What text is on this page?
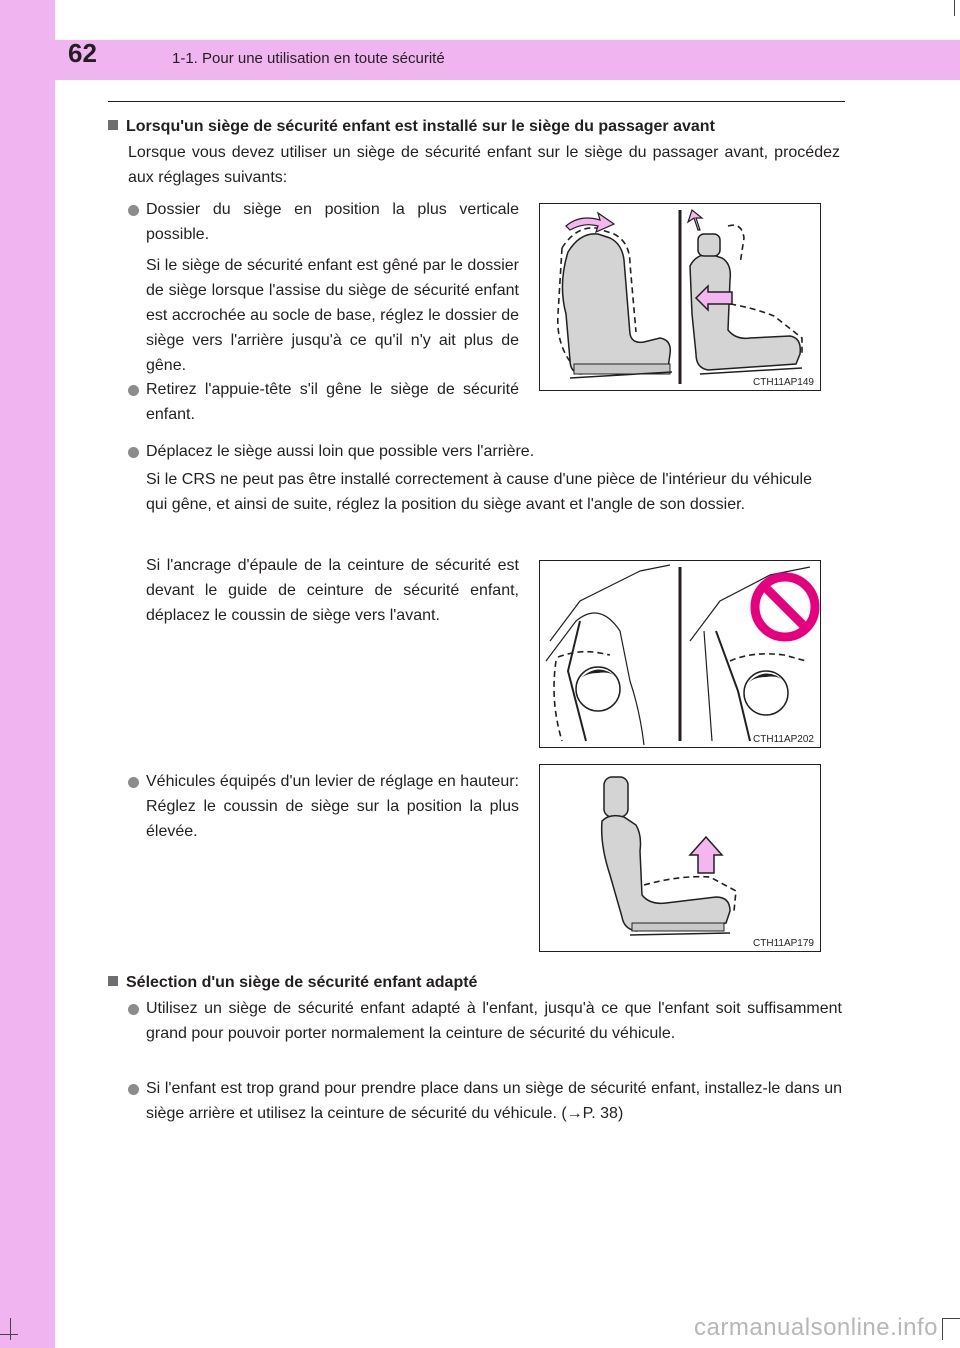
62	1-1. Pour une utilisation en toute sécurité
Lorsqu'un siège de sécurité enfant est installé sur le siège du passager avant
Lorsque vous devez utiliser un siège de sécurité enfant sur le siège du passager avant, procédez aux réglages suivants:
Dossier du siège en position la plus verticale possible.
Si le siège de sécurité enfant est gêné par le dossier de siège lorsque l'assise du siège de sécurité enfant est accrochée au socle de base, réglez le dossier de siège vers l'arrière jusqu'à ce qu'il n'y ait plus de gêne.
Retirez l'appuie-tête s'il gêne le siège de sécurité enfant.
CTH11AP149
Déplacez le siège aussi loin que possible vers l'arrière.
Si le CRS ne peut pas être installé correctement à cause d'une pièce de l'intérieur du véhicule qui gêne, et ainsi de suite, réglez la position du siège avant et l'angle de son dossier.
Si l'ancrage d'épaule de la ceinture de sécurité est devant le guide de ceinture de sécurité enfant, déplacez le coussin de siège vers l'avant.
CTH11AP202
Véhicules équipés d'un levier de réglage en hauteur: Réglez le coussin de siège sur la position la plus élevée.
CTH11AP179
Sélection d'un siège de sécurité enfant adapté
Utilisez un siège de sécurité enfant adapté à l'enfant, jusqu'à ce que l'enfant soit suffisamment grand pour pouvoir porter normalement la ceinture de sécurité du véhicule.
Si l'enfant est trop grand pour prendre place dans un siège de sécurité enfant, installez-le dans un siège arrière et utilisez la ceinture de sécurité du véhicule. (→P. 38)
carmanualsonline.info
